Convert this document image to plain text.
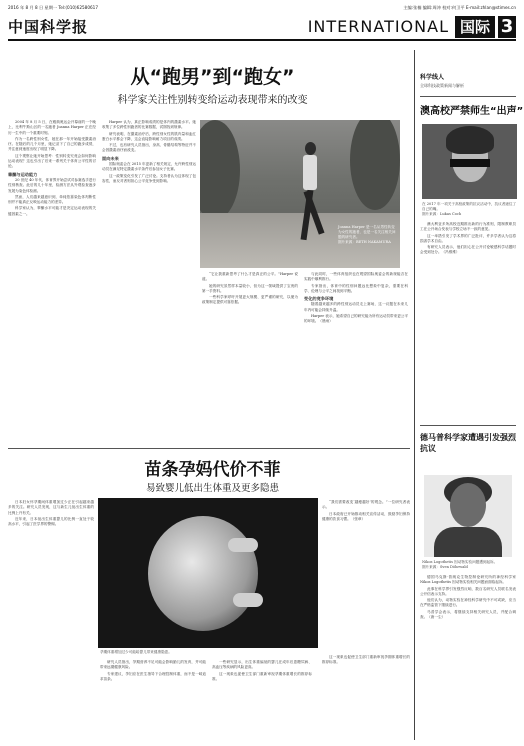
2016 年 8 月 8 日 星期一 Tel:(010)62580617	主编:张楠 编辑:周冲 校对:何卫平 E-mail:zhlan@stimes.cn
中国科学报	INTERNATIONAL 国际 3
从“跑男”到“跑女”
科学家关注性别转变给运动表现带来的改变

2004 年 8 月 5 日，在雅典奥运会开幕前的一个晚上，比利牛斯山区的一名跑者 Joanna Harper 正在经历一生中的一个重要时刻。

作为一名跨性别女性，她在那一年开始接受激素治疗。在随后的几个月里，她记录下了自己的跑步成绩，并注意到速度出现了明显下降。

这个观察让她开始思考：性别转变究竟会如何影响运动表现？这也引出了后来一系列关于体育公平性的讨论。

睾酮与运动能力

20 世纪 40 年代，体育界开始尝试对参赛选手进行性别核查。此后的几十年里，检测方法从外观检查逐步发展为染色体检测。

然而，人们越来越意识到，单纯依靠染色体判断性别并不能真正反映运动能力的差异。

科学家认为，睾酮水平可能才是决定运动表现的关键因素之一。

Harper 认为，真正影响成绩的是体内的激素水平。她收集了多位跨性别跑者的比赛数据，试图找到规律。

研究表明，在激素治疗后，跨性别女性的肌肉量和血红蛋白水平都会下降，这会直接影响耐力项目的成绩。

不过，也有研究人员指出，身高、骨骼结构等特征并不会因激素治疗而改变。

面向未来

国际奥委会在 2015 年更新了相关规定，允许跨性别运动员在满足特定激素水平条件后参加女子比赛。

这一政策变化引发了广泛讨论。支持者认为这体现了包容性，而反对者则担心公平竞争受到影响。

Joanna Harper 是一名从男性转变为女性的跑者，也是一名关注相关问题的研究者。
图片来源：BETH NAKAMURA

“它让我重新思考了什么才是真正的公平。”Harper 说道。

她的研究虽然样本量较小，但为这一领域提供了宝贵的第一手资料。

一些科学家呼吁开展更大规模、更严谨的研究，以便为政策制定提供可靠依据。

与此同时，一些体育组织也在观望国际奥委会的新规能否在实践中顺利推行。

专家指出，体育中的性别问题远比想象中复杂，需要在科学、伦理与公平之间找到平衡。

变化的竞争环境

随着越来越多的跨性别运动员走上赛场，这一议题在未来几年内可能会持续升温。

Harper 表示，她希望自己的研究能为所有运动员带来更公平的环境。（晨雨）

苗条孕妈代价不菲
易致婴儿低出生体重及更多隐患

日本妇女怀孕期间体重增加过少正在引起越来越多的关注。研究人员发现，这与新生儿低出生体重的比例上升有关。

近年来，日本低出生体重婴儿的比例一直处于较高水平，引起了医学界的警惕。

孕期体重增加过少可能给婴儿带来健康隐患。

“我们需要改变‘越瘦越好’的观念。”一位研究者表示。

日本政府已开始推动相关宣传活动，鼓励孕妇保持健康的饮食习惯。（张章）

研究人员指出，孕期营养不足可能会影响胎儿的发育，并可能带来远期健康风险。

专家建议，孕妇应在医生指导下合理控制体重，而不是一味追求苗条。

一些研究显示，出生体重偏低的婴儿在成年后患糖尿病、高血压等疾病的风险更高。

这一现象也促使卫生部门重新审视孕期体重增长的推荐标准。

这一现象也促使卫生部门重新审视孕期体重增长的推荐标准。

科学线人
全球科技政策新闻与解析
澳高校严禁师生“出声”
在 2017 年一项关于高校政策的抗议活动中，抗议者遮住了自己的嘴。
图片来源：Lukas Coch

澳大利亚多所高校近期推出新的行为准则，限制教职员工在公开场合发表与学校立场不一致的意见。

这一举措引发了学术界的广泛批评，许多学者认为这将损害学术自由。

有研究人员表示，他们担心在公开讨论敏感科学话题时会受到处分。（冯维维）

德马普科学家遭遇引发强烈抗议
Nikos Logothetis 因动物实验问题遭到起诉。
图片来源：Sven Döhrwald

德国马克斯·普朗克生物控制论研究所的神经科学家 Nikos Logothetis 因动物实验相关问题而面临起诉。

此事在科学界引发强烈反响，数百名研究人员联名发表公开信表示支持。

他们认为，动物实验在神经科学研究中不可或缺，应当在严格监管下继续进行。

马普学会表示，将继续支持相关研究人员，并配合调查。（唐一尘）
